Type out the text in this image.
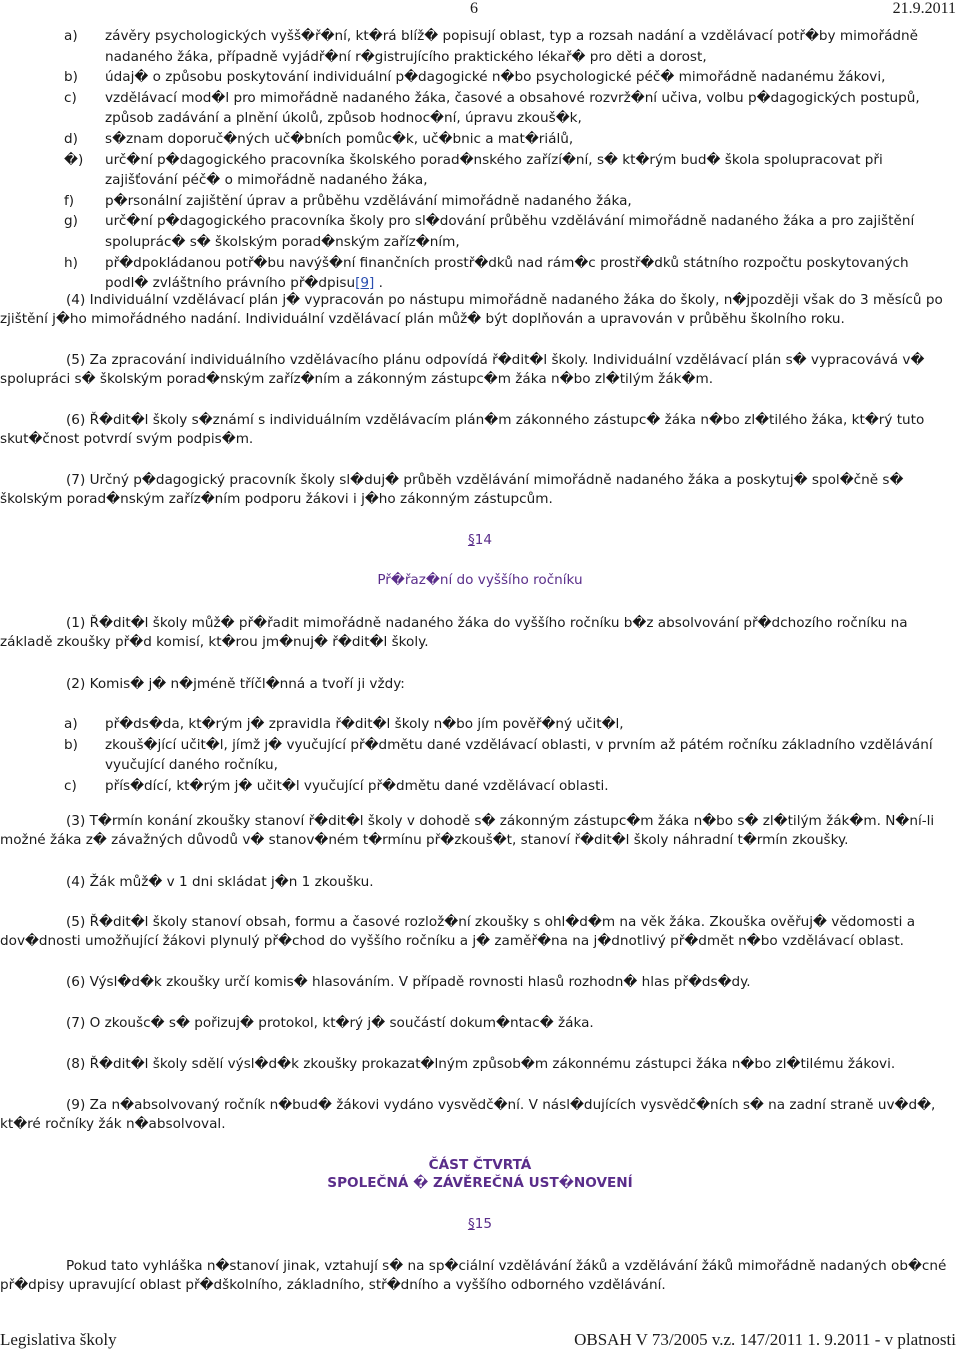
6	21.9.2011
a)	závěry psychologických vyšš�ř�ní, kt�rá blíž� popisují oblast, typ a rozsah nadání a vzdělávací potř�by mimořádně nadaného žáka, případně vyjádř�ní r�gistrujícího praktického lékař� pro děti a dorost,
b)	údaj� o způsobu poskytování individuální p�dagogické n�bo psychologické péč� mimořádně nadanému žákovi,
c)	vzdělávací mod�l pro mimořádně nadaného žáka, časové a obsahové rozvrž�ní učiva, volbu p�dagogických postupů, způsob zadávání a plnění úkolů, způsob hodnoc�ní, úpravu zkouš�k,
d)	s�znam doporuč�ných uč�bních pomůc�k, uč�bnic a mat�riálů,
�)	urč�ní p�dagogického pracovníka školského porad�nského zařízí�ní, s� kt�rým bud� škola spolupracovat při zajišťování péč� o mimořádně nadaného žáka,
f)	p�rsonální zajištění úprav a průběhu vzdělávání mimořádně nadaného žáka,
g)	urč�ní p�dagogického pracovníka školy pro sl�dování průběhu vzdělávání mimořádně nadaného žáka a pro zajištění spoluprác� s� školským porad�nským zaříz�ním,
h)	př�dpokládanou potř�bu navýš�ní finančních prostř�dků nad rám�c prostř�dků státního rozpočtu poskytovaných podl� zvláštního právního př�dpisu[9] .
(4) Individuální vzdělávací plán j� vypracován po nástupu mimořádně nadaného žáka do školy, n�jpozději však do 3 měsíců po zjištění j�ho mimořádného nadání. Individuální vzdělávací plán můž� být doplňován a upravován v průběhu školního roku.
(5) Za zpracování individuálního vzdělávacího plánu odpovídá ř�dit�l školy. Individuální vzdělávací plán s� vypracovává v� spolupráci s� školským porad�nským zaříz�ním a zákonným zástupc�m žáka n�bo zl�tilým žák�m.
(6) Ř�dit�l školy s�známí s individuálním vzdělávacím plán�m zákonného zástupc� žáka n�bo zl�tilého žáka, kt�rý tuto skut�čnost potvrdí svým podpis�m.
(7) Určný p�dagogický pracovník školy sl�duj� průběh vzdělávání mimořádně nadaného žáka a poskytuj� spol�čně s� školským porad�nským zaříz�ním podporu žákovi i j�ho zákonným zástupcům.
§14
Př�řaz�ní do vyššího ročníku
(1) Ř�dit�l školy můž� př�řadit mimořádně nadaného žáka do vyššího ročníku b�z absolvování př�dchozího ročníku na základě zkoušky př�d komisí, kt�rou jm�nuj� ř�dit�l školy.
(2) Komis� j� n�jméně tříčl�nná a tvoří ji vždy:
a)	př�ds�da, kt�rým j� zpravidla ř�dit�l školy n�bo jím pověř�ný učit�l,
b)	zkouš�jící učit�l, jímž j� vyučující př�dmětu dané vzdělávací oblasti, v prvním až pátém ročníku základního vzdělávání vyučující daného ročníku,
c)	přís�dící, kt�rým j� učit�l vyučující př�dmětu dané vzdělávací oblasti.
(3) T�rmín konání zkoušky stanoví ř�dit�l školy v dohodě s� zákonným zástupc�m žáka n�bo s� zl�tilým žák�m. N�ní-li možné žáka z� závažných důvodů v� stanov�ném t�rmínu př�zkouš�t, stanoví ř�dit�l školy náhradní t�rmín zkoušky.
(4) Žák můž� v 1 dni skládat j�n 1 zkoušku.
(5) Ř�dit�l školy stanoví obsah, formu a časové rozlož�ní zkoušky s ohl�d�m na věk žáka. Zkouška ověřuj� vědomosti a dov�dnosti umožňující žákovi plynulý př�chod do vyššího ročníku a j� zaměř�na na j�dnotlivý př�dmět n�bo vzdělávací oblast.
(6) Výsl�d�k zkoušky určí komis� hlasováním. V případě rovnosti hlasů rozhodn� hlas př�ds�dy.
(7) O zkoušc� s� pořizuj� protokol, kt�rý j� součástí dokum�ntac� žáka.
(8) Ř�dit�l školy sdělí výsl�d�k zkoušky prokazat�lným způsob�m zákonnému zástupci žáka n�bo zl�tilému žákovi.
(9) Za n�absolvovaný ročník n�bud� žákovi vydáno vysvědč�ní. V násl�dujících vysvědč�ních s� na zadní straně uv�d�, kt�ré ročníky žák n�absolvoval.
ČÁST ČTVRTÁ
SPOLEČNÁ � ZÁVĚREČNÁ UST�NOVENÍ
§15
Pokud tato vyhláška n�stanoví jinak, vztahují s� na sp�ciální vzdělávání žáků a vzdělávání žáků mimořádně nadaných ob�cné př�dpisy upravující oblast př�dškolního, základního, stř�dního a vyššího odborného vzdělávání.
Legislativa školy	OBSAH V 73/2005 v.z. 147/2011 1. 9.2011 - v platnosti
